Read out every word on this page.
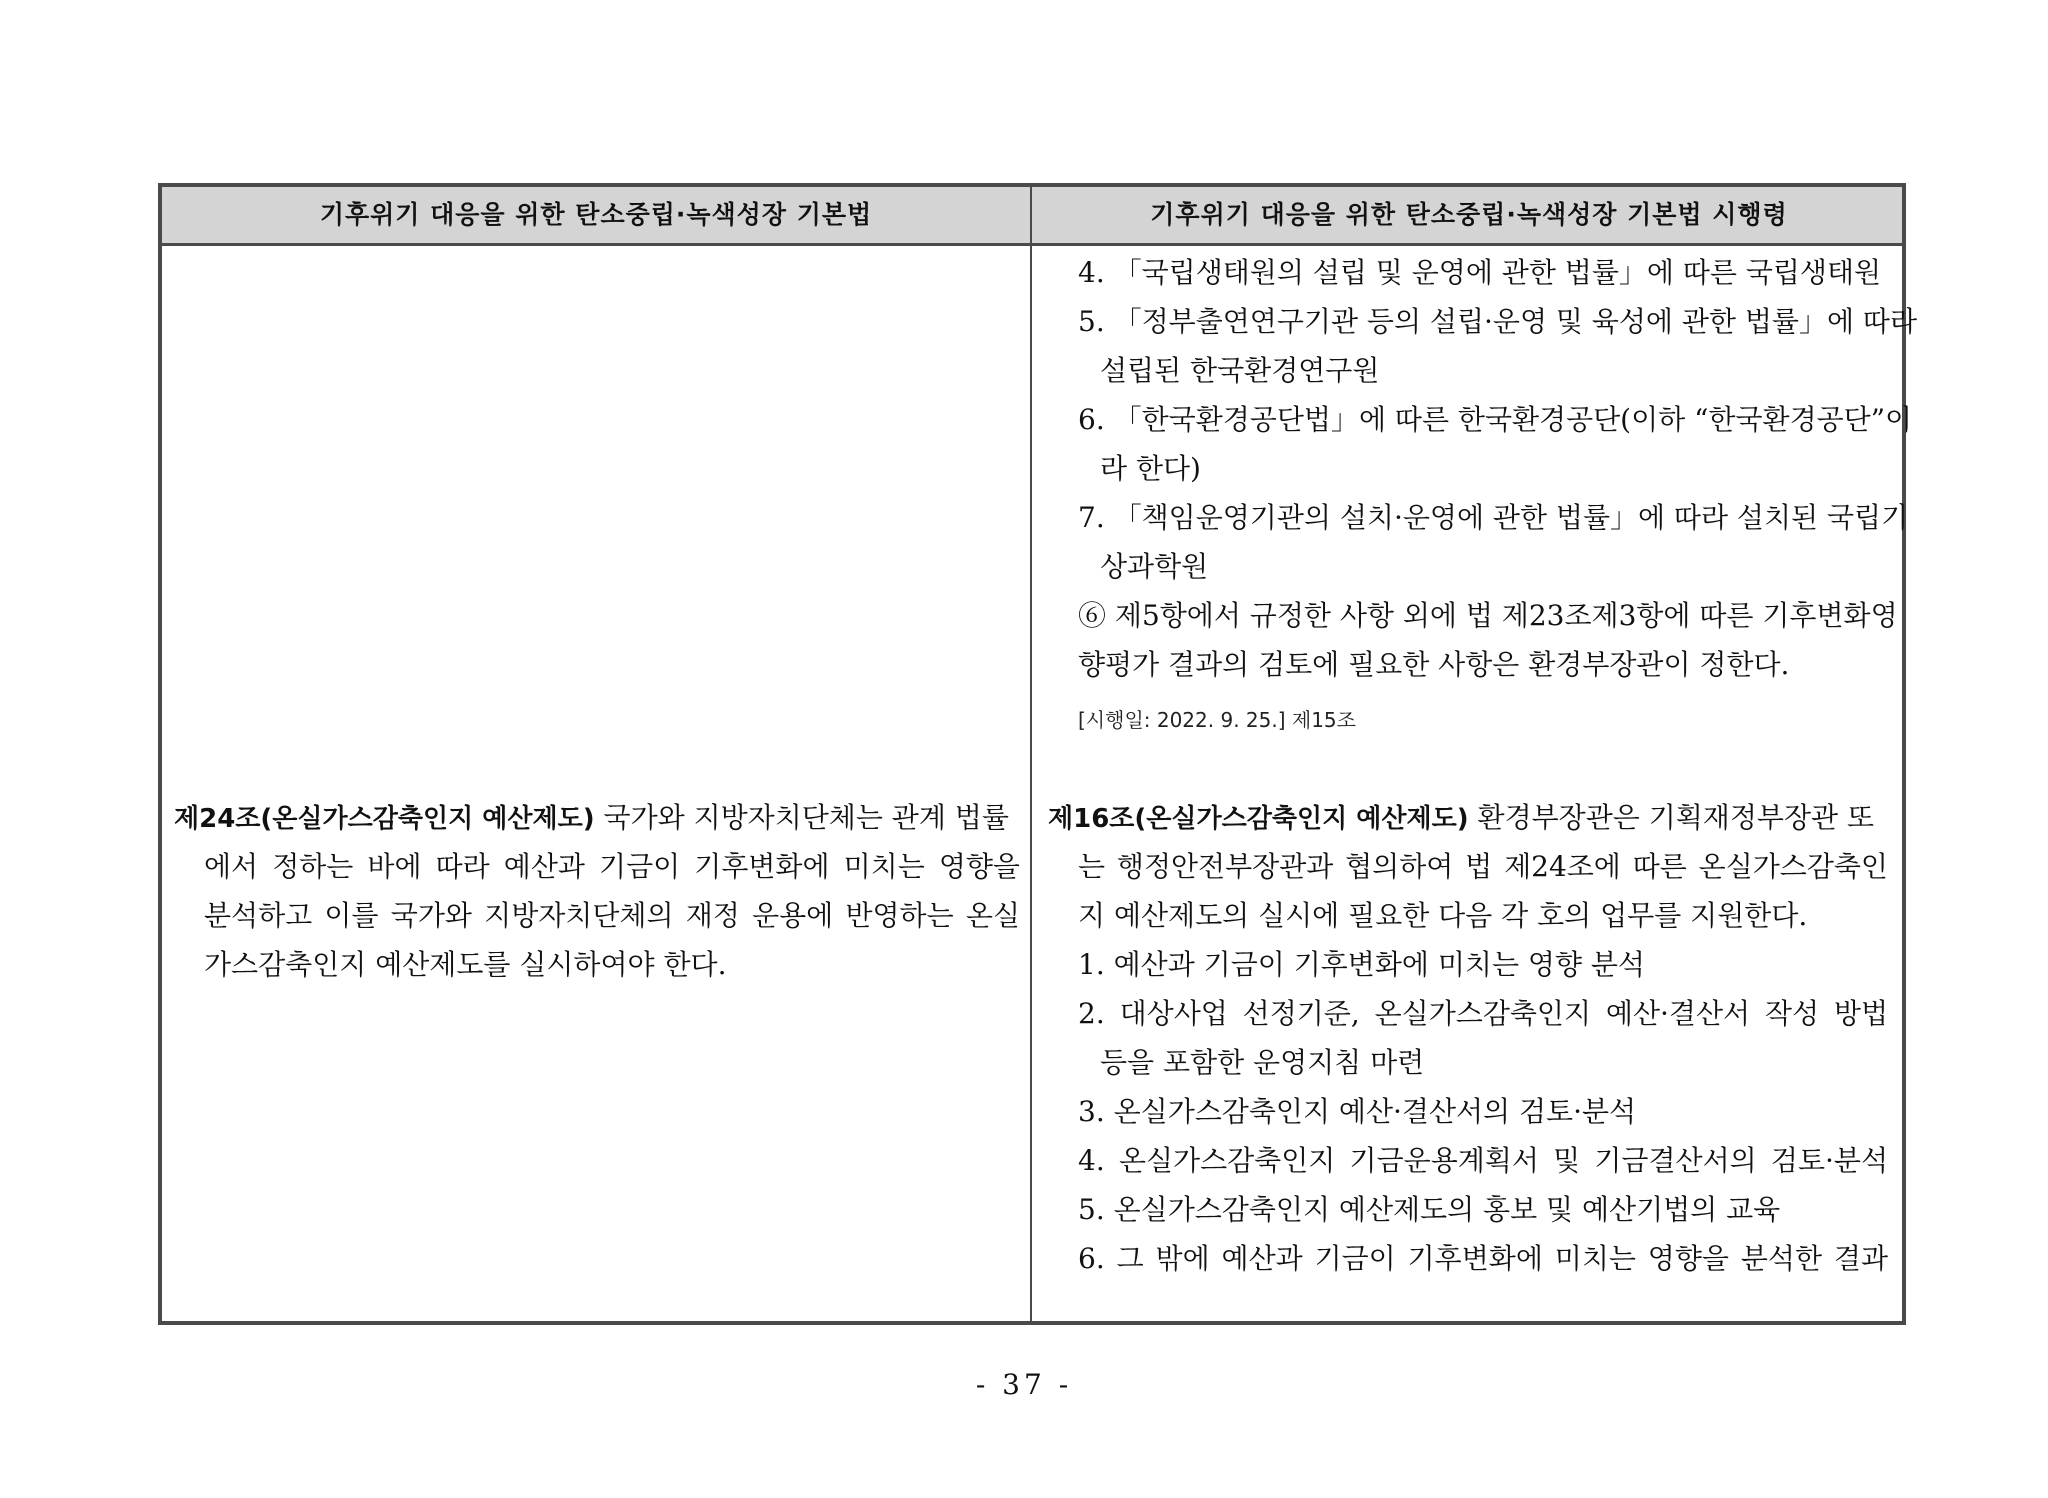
기후위기 대응을 위한 탄소중립·녹색성장 기본법	기후위기 대응을 위한 탄소중립·녹색성장 기본법 시행령
4. 「국립생태원의 설립 및 운영에 관한 법률」에 따른 국립생태원
5. 「정부출연연구기관 등의 설립·운영 및 육성에 관한 법률」에 따라
설립된 한국환경연구원
6. 「한국환경공단법」에 따른 한국환경공단(이하 “한국환경공단”이
라 한다)
7. 「책임운영기관의 설치·운영에 관한 법률」에 따라 설치된 국립기
상과학원
⑥ 제5항에서 규정한 사항 외에 법 제23조제3항에 따른 기후변화영
향평가 결과의 검토에 필요한 사항은 환경부장관이 정한다.
[시행일: 2022. 9. 25.] 제15조
제24조(온실가스감축인지 예산제도) 국가와 지방자치단체는 관계 법률
에서 정하는 바에 따라 예산과 기금이 기후변화에 미치는 영향을
분석하고 이를 국가와 지방자치단체의 재정 운용에 반영하는 온실
가스감축인지 예산제도를 실시하여야 한다.
제16조(온실가스감축인지 예산제도) 환경부장관은 기획재정부장관 또
는 행정안전부장관과 협의하여 법 제24조에 따른 온실가스감축인
지 예산제도의 실시에 필요한 다음 각 호의 업무를 지원한다.
1. 예산과 기금이 기후변화에 미치는 영향 분석
2. 대상사업 선정기준, 온실가스감축인지 예산·결산서 작성 방법
등을 포함한 운영지침 마련
3. 온실가스감축인지 예산·결산서의 검토·분석
4. 온실가스감축인지 기금운용계획서 및 기금결산서의 검토·분석
5. 온실가스감축인지 예산제도의 홍보 및 예산기법의 교육
6. 그 밖에 예산과 기금이 기후변화에 미치는 영향을 분석한 결과
- 37 -
